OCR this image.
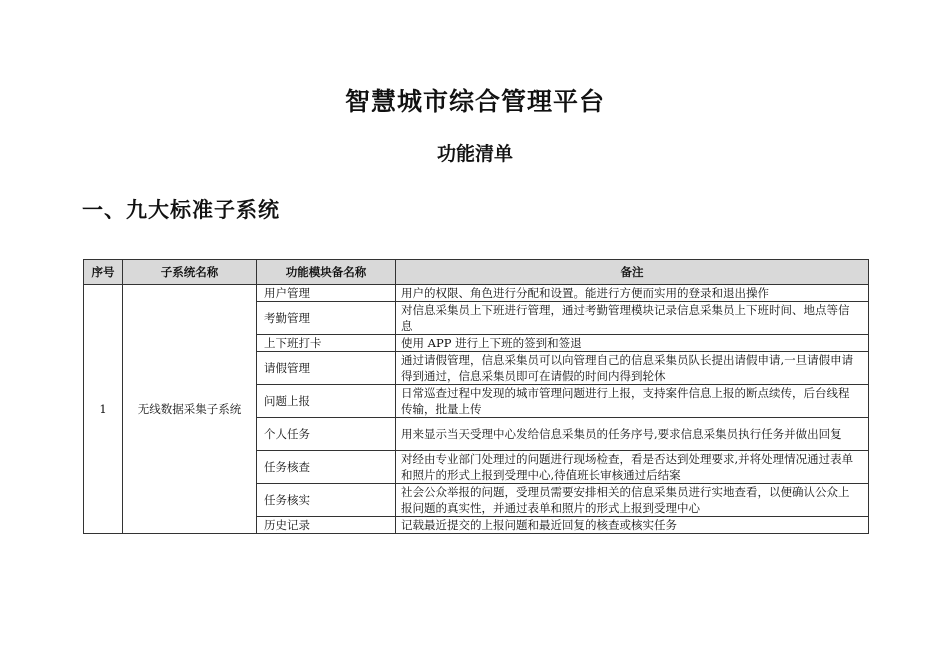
智慧城市综合管理平台
功能清单
一、九大标准子系统
序号	子系统名称	功能模块备名称	备注
1	无线数据采集子系统	用户管理	用户的权限、角色进行分配和设置。能进行方便而实用的登录和退出操作
		考勤管理	对信息采集员上下班进行管理，通过考勤管理模块记录信息采集员上下班时间、地点等信息
		上下班打卡	使用 APP 进行上下班的签到和签退
		请假管理	通过请假管理，信息采集员可以向管理自己的信息采集员队长提出请假申请,一旦请假申请得到通过，信息采集员即可在请假的时间内得到轮休
		问题上报	日常巡查过程中发现的城市管理问题进行上报，支持案件信息上报的断点续传，后台线程传输，批量上传
		个人任务	用来显示当天受理中心发给信息采集员的任务序号,要求信息采集员执行任务并做出回复
		任务核查	对经由专业部门处理过的问题进行现场检查，看是否达到处理要求,并将处理情况通过表单和照片的形式上报到受理中心,待值班长审核通过后结案
		任务核实	社会公众举报的问题，受理员需要安排相关的信息采集员进行实地查看，以便确认公众上报问题的真实性，并通过表单和照片的形式上报到受理中心
		历史记录	记载最近提交的上报问题和最近回复的核查或核实任务
